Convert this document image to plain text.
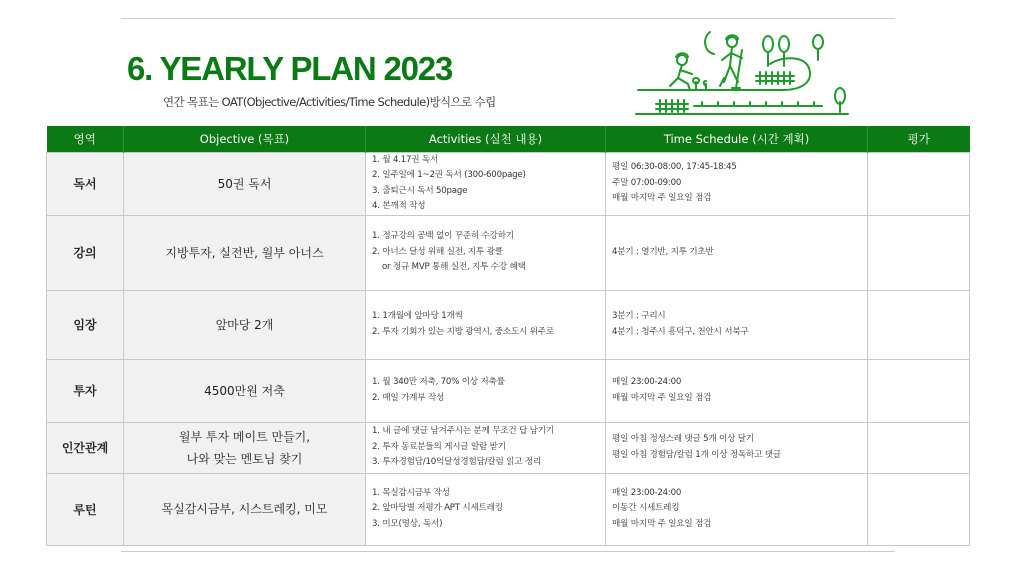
6. YEARLY PLAN 2023
연간 목표는 OAT(Objective/Activities/Time Schedule)방식으로 수립
영역	Objective (목표)	Activities (실천 내용)	Time Schedule (시간 계획)	평가
독서	50권 독서	1. 월 4.17권 독서
2. 일주일에 1~2권 독서 (300-600page)
3. 출퇴근시 독서 50page
4. 본깨적 작성	평일 06:30-08:00, 17:45-18:45
주말 07:00-09:00
매월 마지막 주 일요일 점검	

강의	지방투자, 실전반, 월부 아너스	1. 정규강의 공백 없이 꾸준히 수강하기
2. 아너스 달성 위해 실전, 지투 광클
or 정규 MVP 통해 실전, 지투 수강 혜택	4분기 : 열기반, 지투 기초반	

임장	앞마당 2개	1. 1개월에 앞마당 1개씩
2. 투자 기회가 있는 지방 광역시, 중소도시 위주로	3분기 : 구리시
4분기 : 청주시 흥덕구, 천안시 서북구	

투자	4500만원 저축	1. 월 340만 저축, 70% 이상 저축률
2. 매일 가계부 작성	매일 23:00-24:00
매월 마지막 주 일요일 점검	

인간관계	월부 투자 메이트 만들기,
나와 맞는 멘토님 찾기	1. 내 글에 댓글 남겨주시는 분께 무조건 답 남기기
2. 투자 동료분들의 게시글 알람 받기
3. 투자경험담/10억달성경험담/칼럼 읽고 정리	평일 아침 정성스레 댓글 5개 이상 달기
평일 아침 경험담/칼럼 1개 이상 정독하고 댓글	

루틴	목실감시금부, 시스트레킹, 미모	1. 목실감시금부 작성
2. 앞마당별 저평가 APT 시세트레킹
3. 미모(명상, 독서)	매일 23:00-24:00
이동간 시세트레킹
매월 마지막 주 일요일 점검	
